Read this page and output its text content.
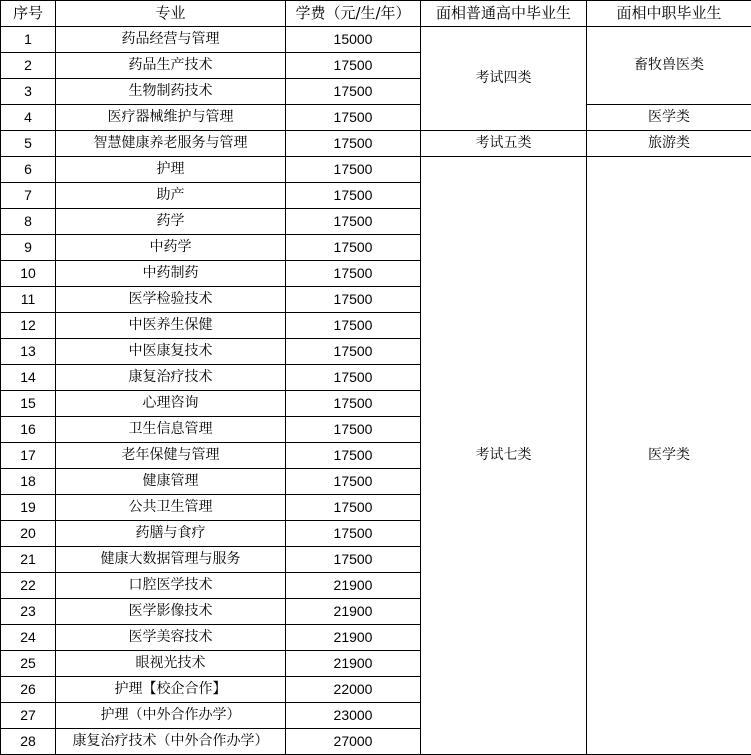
序号	专业	学费（元/生/年）	面相普通高中毕业生	面相中职毕业生
1	药品经营与管理	15000	考试四类	畜牧兽医类
2	药品生产技术	17500		
3	生物制药技术	17500		
4	医疗器械维护与管理	17500		医学类
5	智慧健康养老服务与管理	17500	考试五类	旅游类
6	护理	17500	考试七类	医学类
7	助产	17500		
8	药学	17500		
9	中药学	17500		
10	中药制药	17500		
11	医学检验技术	17500		
12	中医养生保健	17500		
13	中医康复技术	17500		
14	康复治疗技术	17500		
15	心理咨询	17500		
16	卫生信息管理	17500		
17	老年保健与管理	17500		
18	健康管理	17500		
19	公共卫生管理	17500		
20	药膳与食疗	17500		
21	健康大数据管理与服务	17500		
22	口腔医学技术	21900		
23	医学影像技术	21900		
24	医学美容技术	21900		
25	眼视光技术	21900		
26	护理【校企合作】	22000		
27	护理（中外合作办学）	23000		
28	康复治疗技术（中外合作办学）	27000		
